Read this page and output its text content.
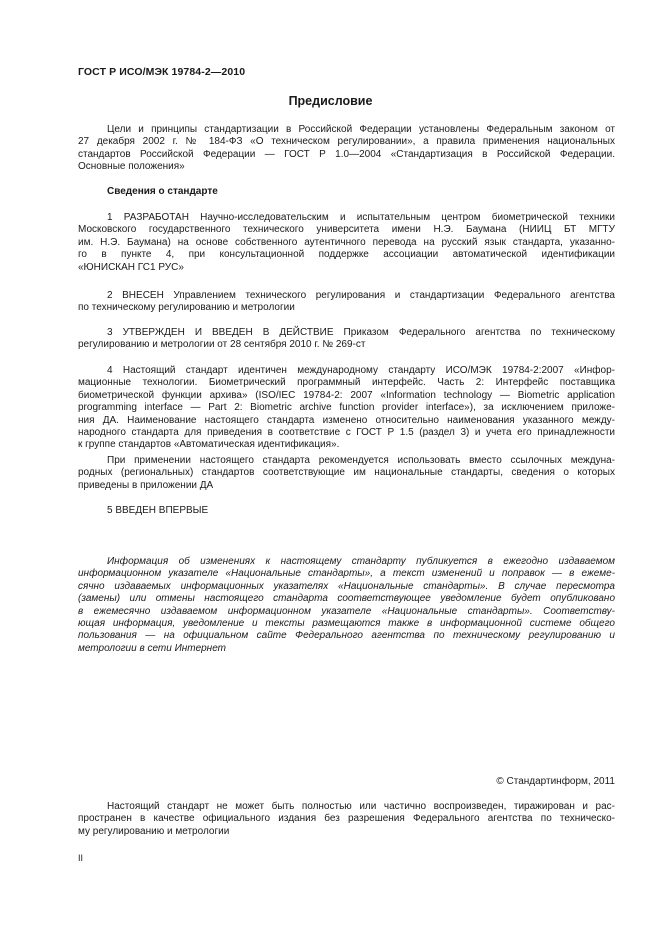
ГОСТ Р ИСО/МЭК 19784-2—2010
Предисловие
Цели и принципы стандартизации в Российской Федерации установлены Федеральным законом от
27 декабря 2002 г. № 184-ФЗ «О техническом регулировании», а правила применения национальных
стандартов Российской Федерации — ГОСТ Р 1.0—2004 «Стандартизация в Российской Федерации.
Основные положения»
Сведения о стандарте
1 РАЗРАБОТАН Научно-исследовательским и испытательным центром биометрической техники
Московского государственного технического университета имени Н.Э. Баумана (НИИЦ БТ МГТУ
им. Н.Э. Баумана) на основе собственного аутентичного перевода на русский язык стандарта, указанно-
го в пункте 4, при консультационной поддержке ассоциации автоматической идентификации
«ЮНИСКАН ГС1 РУС»
2 ВНЕСЕН Управлением технического регулирования и стандартизации Федерального агентства
по техническому регулированию и метрологии
3 УТВЕРЖДЕН И ВВЕДЕН В ДЕЙСТВИЕ Приказом Федерального агентства по техническому
регулированию и метрологии от 28 сентября 2010 г. № 269-ст
4 Настоящий стандарт идентичен международному стандарту ИСО/МЭК 19784-2:2007 «Инфор-
мационные технологии. Биометрический программный интерфейс. Часть 2: Интерфейс поставщика
биометрической функции архива» (ISO/IEC 19784-2: 2007 «Information technology — Biometric application
programming interface — Part 2: Biometric archive function provider interface»), за исключением приложе-
ния ДА. Наименование настоящего стандарта изменено относительно наименования указанного между-
народного стандарта для приведения в соответствие с ГОСТ Р 1.5 (раздел 3) и учета его принадлежности
к группе стандартов «Автоматическая идентификация».
При применении настоящего стандарта рекомендуется использовать вместо ссылочных междуна-
родных (региональных) стандартов соответствующие им национальные стандарты, сведения о которых
приведены в приложении ДА
5 ВВЕДЕН ВПЕРВЫЕ
Информация об изменениях к настоящему стандарту публикуется в ежегодно издаваемом
информационном указателе «Национальные стандарты», а текст изменений и поправок — в ежеме-
сячно издаваемых информационных указателях «Национальные стандарты». В случае пересмотра
(замены) или отмены настоящего стандарта соответствующее уведомление будет опубликовано
в ежемесячно издаваемом информационном указателе «Национальные стандарты». Соответству-
ющая информация, уведомление и тексты размещаются также в информационной системе общего
пользования — на официальном сайте Федерального агентства по техническому регулированию и
метрологии в сети Интернет
© Стандартинформ, 2011
Настоящий стандарт не может быть полностью или частично воспроизведен, тиражирован и рас-
пространен в качестве официального издания без разрешения Федерального агентства по техническо-
му регулированию и метрологии
II
